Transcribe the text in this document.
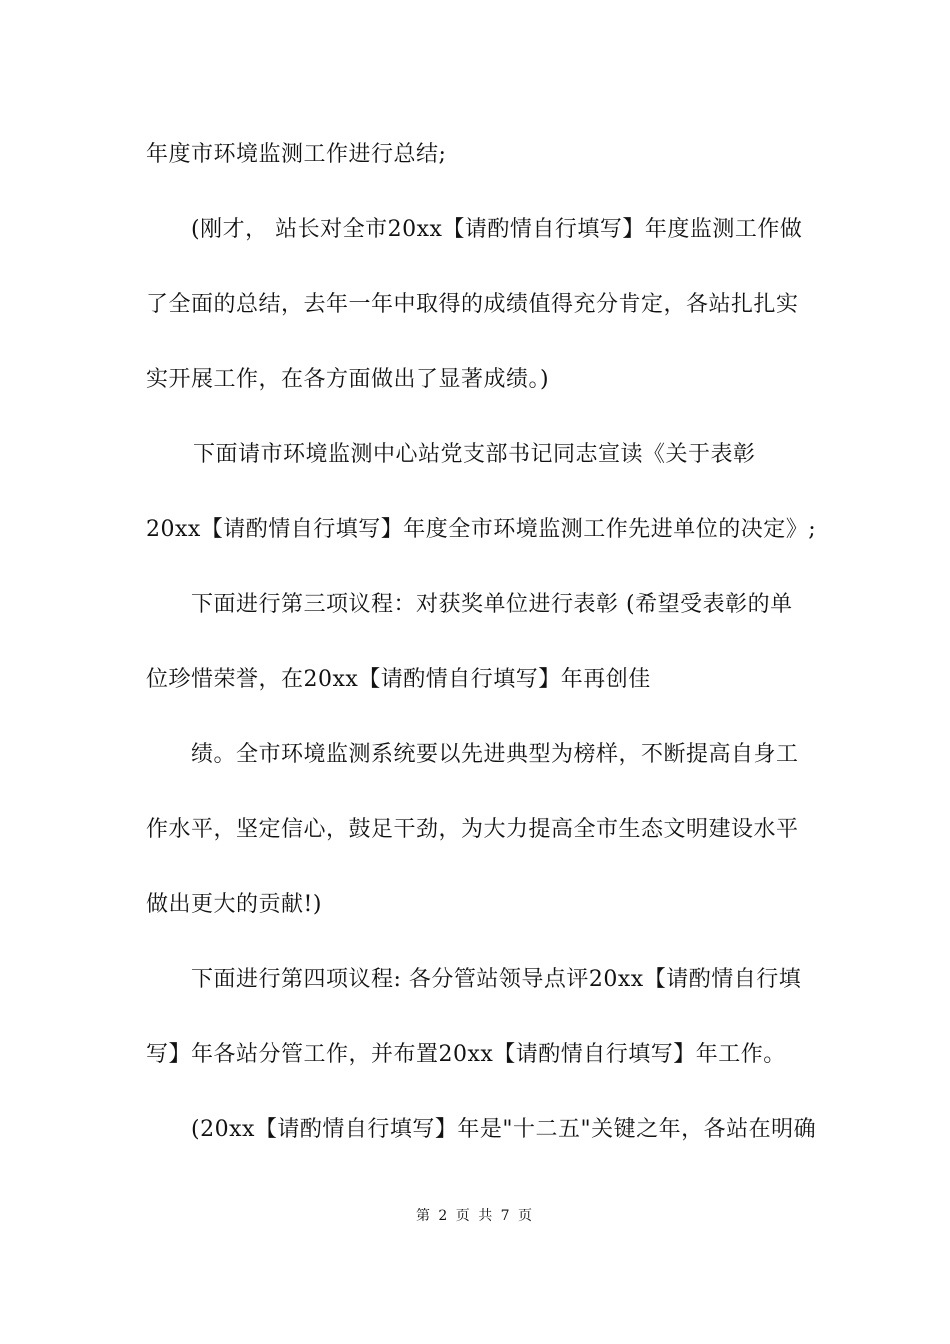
年度市环境监测工作进行总结;
(刚才， 站长对全市20xx【请酌情自行填写】年度监测工作做
了全面的总结，去年一年中取得的成绩值得充分肯定，各站扎扎实
实开展工作，在各方面做出了显著成绩。)
下面请市环境监测中心站党支部书记同志宣读《关于表彰
20xx【请酌情自行填写】年度全市环境监测工作先进单位的决定》;
下面进行第三项议程：对获奖单位进行表彰 (希望受表彰的单
位珍惜荣誉，在20xx【请酌情自行填写】年再创佳
绩。全市环境监测系统要以先进典型为榜样，不断提高自身工
作水平，坚定信心，鼓足干劲，为大力提高全市生态文明建设水平
做出更大的贡献!)
下面进行第四项议程: 各分管站领导点评20xx【请酌情自行填
写】年各站分管工作，并布置20xx【请酌情自行填写】年工作。
(20xx【请酌情自行填写】年是"十二五"关键之年，各站在明确
第 2 页 共 7 页
